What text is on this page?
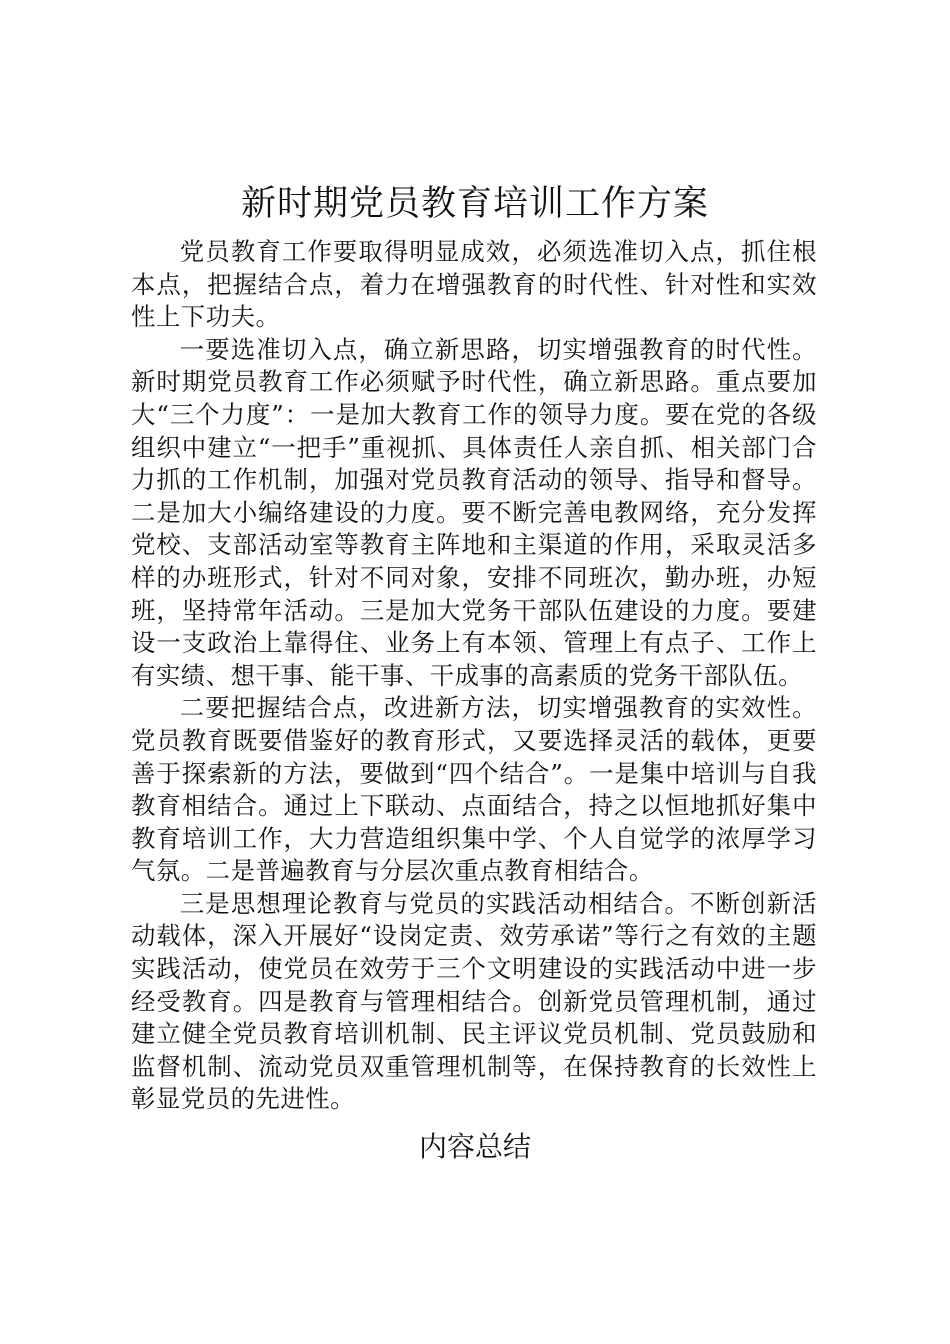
新时期党员教育培训工作方案

党员教育工作要取得明显成效，必须选准切入点，抓住根本点，把握结合点，着力在增强教育的时代性、针对性和实效性上下功夫。

一要选准切入点，确立新思路，切实增强教育的时代性。新时期党员教育工作必须赋予时代性，确立新思路。重点要加大“三个力度”：一是加大教育工作的领导力度。要在党的各级组织中建立“一把手”重视抓、具体责任人亲自抓、相关部门合力抓的工作机制，加强对党员教育活动的领导、指导和督导。二是加大小编络建设的力度。要不断完善电教网络，充分发挥党校、支部活动室等教育主阵地和主渠道的作用，采取灵活多样的办班形式，针对不同对象，安排不同班次，勤办班，办短班，坚持常年活动。三是加大党务干部队伍建设的力度。要建设一支政治上靠得住、业务上有本领、管理上有点子、工作上有实绩、想干事、能干事、干成事的高素质的党务干部队伍。

二要把握结合点，改进新方法，切实增强教育的实效性。党员教育既要借鉴好的教育形式，又要选择灵活的载体，更要善于探索新的方法，要做到“四个结合”。一是集中培训与自我教育相结合。通过上下联动、点面结合，持之以恒地抓好集中教育培训工作，大力营造组织集中学、个人自觉学的浓厚学习气氛。二是普遍教育与分层次重点教育相结合。

三是思想理论教育与党员的实践活动相结合。不断创新活动载体，深入开展好“设岗定责、效劳承诺”等行之有效的主题实践活动，使党员在效劳于三个文明建设的实践活动中进一步经受教育。四是教育与管理相结合。创新党员管理机制，通过建立健全党员教育培训机制、民主评议党员机制、党员鼓励和监督机制、流动党员双重管理机制等，在保持教育的长效性上彰显党员的先进性。

内容总结
